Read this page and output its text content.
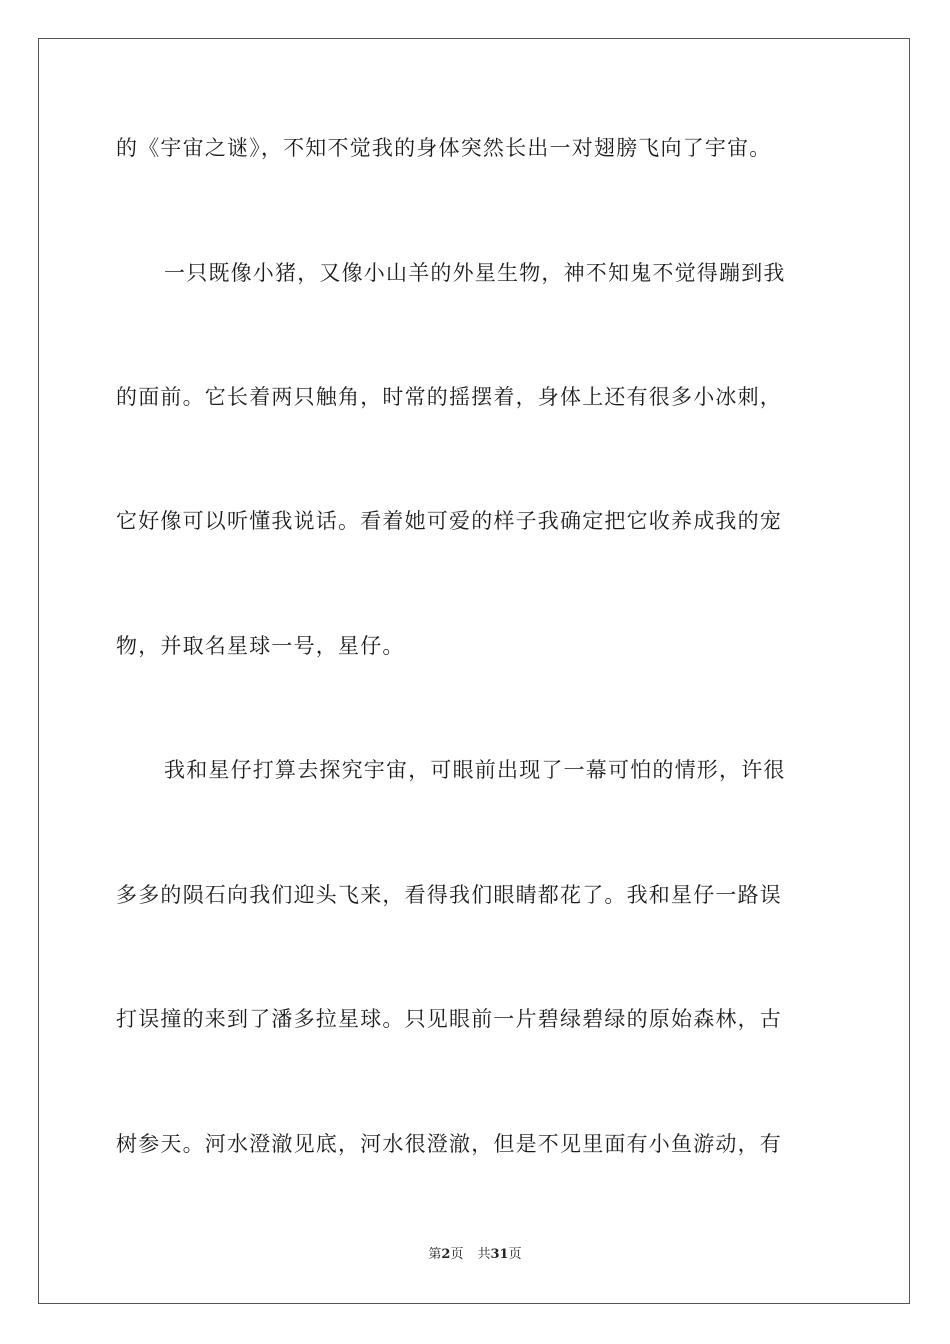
的《宇宙之谜》，不知不觉我的身体突然长出一对翅膀飞向了宇宙。
一只既像小猪，又像小山羊的外星生物，神不知鬼不觉得蹦到我
的面前。它长着两只触角，时常的摇摆着，身体上还有很多小冰刺，
它好像可以听懂我说话。看着她可爱的样子我确定把它收养成我的宠
物，并取名星球一号，星仔。
我和星仔打算去探究宇宙，可眼前出现了一幕可怕的情形，许很
多多的陨石向我们迎头飞来，看得我们眼睛都花了。我和星仔一路误
打误撞的来到了潘多拉星球。只见眼前一片碧绿碧绿的原始森林，古
树参天。河水澄澈见底，河水很澄澈，但是不见里面有小鱼游动，有
第2页 共31页
